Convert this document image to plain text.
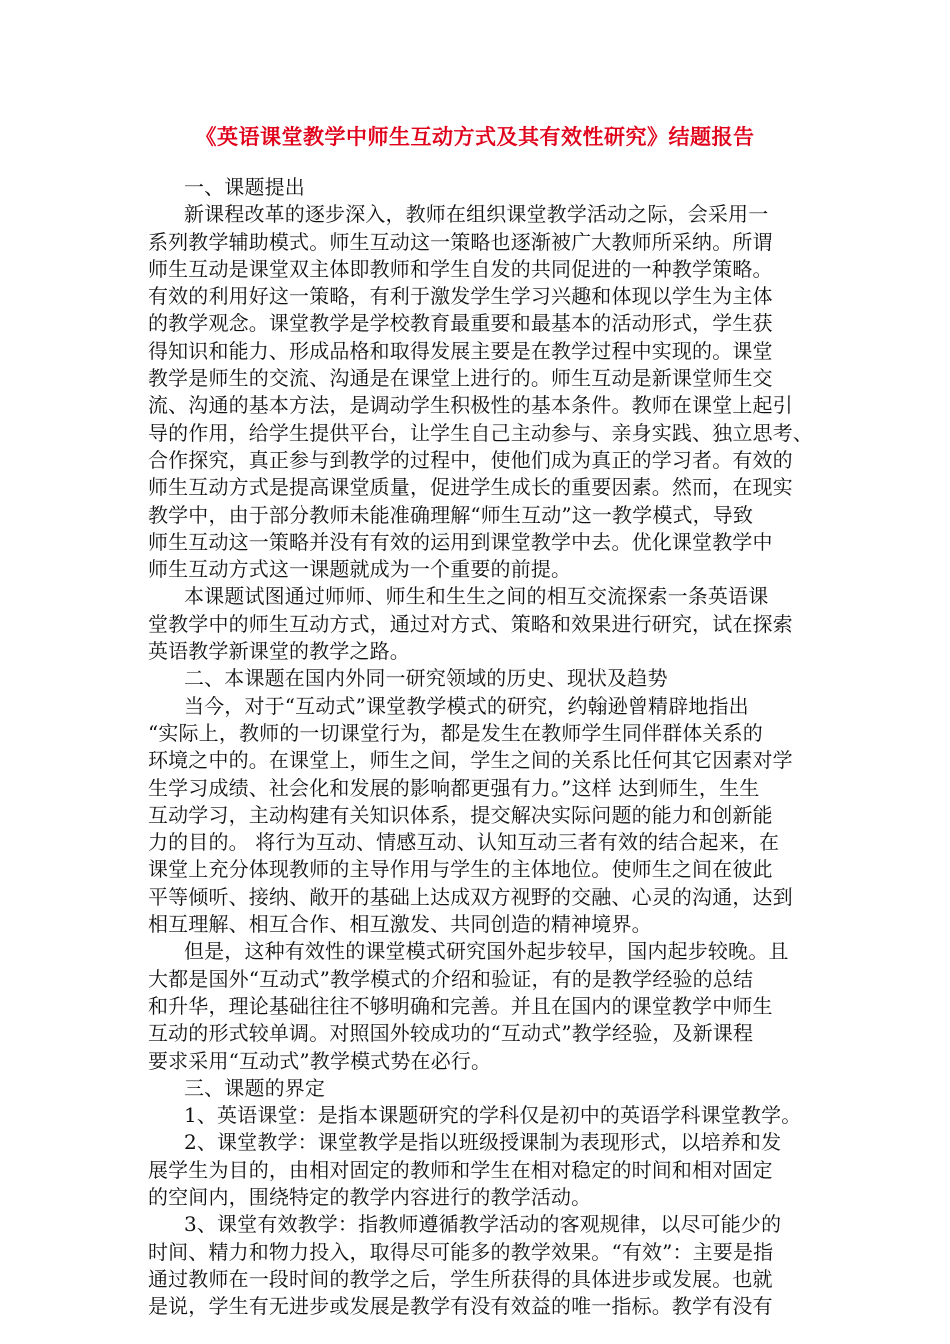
《英语课堂教学中师生互动方式及其有效性研究》结题报告
一、课题提出
新课程改革的逐步深入，教师在组织课堂教学活动之际，会采用一
系列教学辅助模式。师生互动这一策略也逐渐被广大教师所采纳。所谓
师生互动是课堂双主体即教师和学生自发的共同促进的一种教学策略。
有效的利用好这一策略，有利于激发学生学习兴趣和体现以学生为主体
的教学观念。课堂教学是学校教育最重要和最基本的活动形式，学生获
得知识和能力、形成品格和取得发展主要是在教学过程中实现的。课堂
教学是师生的交流、沟通是在课堂上进行的。师生互动是新课堂师生交
流、沟通的基本方法，是调动学生积极性的基本条件。教师在课堂上起引
导的作用，给学生提供平台，让学生自己主动参与、亲身实践、独立思考、
合作探究，真正参与到教学的过程中，使他们成为真正的学习者。有效的
师生互动方式是提高课堂质量，促进学生成长的重要因素。然而，在现实
教学中，由于部分教师未能准确理解“师生互动”这一教学模式，导致
师生互动这一策略并没有有效的运用到课堂教学中去。优化课堂教学中
师生互动方式这一课题就成为一个重要的前提。
本课题试图通过师师、师生和生生之间的相互交流探索一条英语课
堂教学中的师生互动方式，通过对方式、策略和效果进行研究，试在探索
英语教学新课堂的教学之路。
二、本课题在国内外同一研究领域的历史、现状及趋势
当今，对于“互动式”课堂教学模式的研究，约翰逊曾精辟地指出
“实际上，教师的一切课堂行为，都是发生在教师学生同伴群体关系的
环境之中的。在课堂上，师生之间，学生之间的关系比任何其它因素对学
生学习成绩、社会化和发展的影响都更强有力。”这样 达到师生，生生
互动学习，主动构建有关知识体系，提交解决实际问题的能力和创新能
力的目的。 将行为互动、情感互动、认知互动三者有效的结合起来，在
课堂上充分体现教师的主导作用与学生的主体地位。使师生之间在彼此
平等倾听、接纳、敞开的基础上达成双方视野的交融、心灵的沟通，达到
相互理解、相互合作、相互激发、共同创造的精神境界。
但是，这种有效性的课堂模式研究国外起步较早，国内起步较晚。且
大都是国外“互动式”教学模式的介绍和验证，有的是教学经验的总结
和升华，理论基础往往不够明确和完善。并且在国内的课堂教学中师生
互动的形式较单调。对照国外较成功的“互动式”教学经验，及新课程
要求采用“互动式”教学模式势在必行。
三、课题的界定
1、英语课堂：是指本课题研究的学科仅是初中的英语学科课堂教学。
2、课堂教学：课堂教学是指以班级授课制为表现形式，以培养和发
展学生为目的，由相对固定的教师和学生在相对稳定的时间和相对固定
的空间内，围绕特定的教学内容进行的教学活动。
3、课堂有效教学：指教师遵循教学活动的客观规律，以尽可能少的
时间、精力和物力投入，取得尽可能多的教学效果。“有效”：主要是指
通过教师在一段时间的教学之后，学生所获得的具体进步或发展。也就
是说，学生有无进步或发展是教学有没有效益的唯一指标。教学有没有
